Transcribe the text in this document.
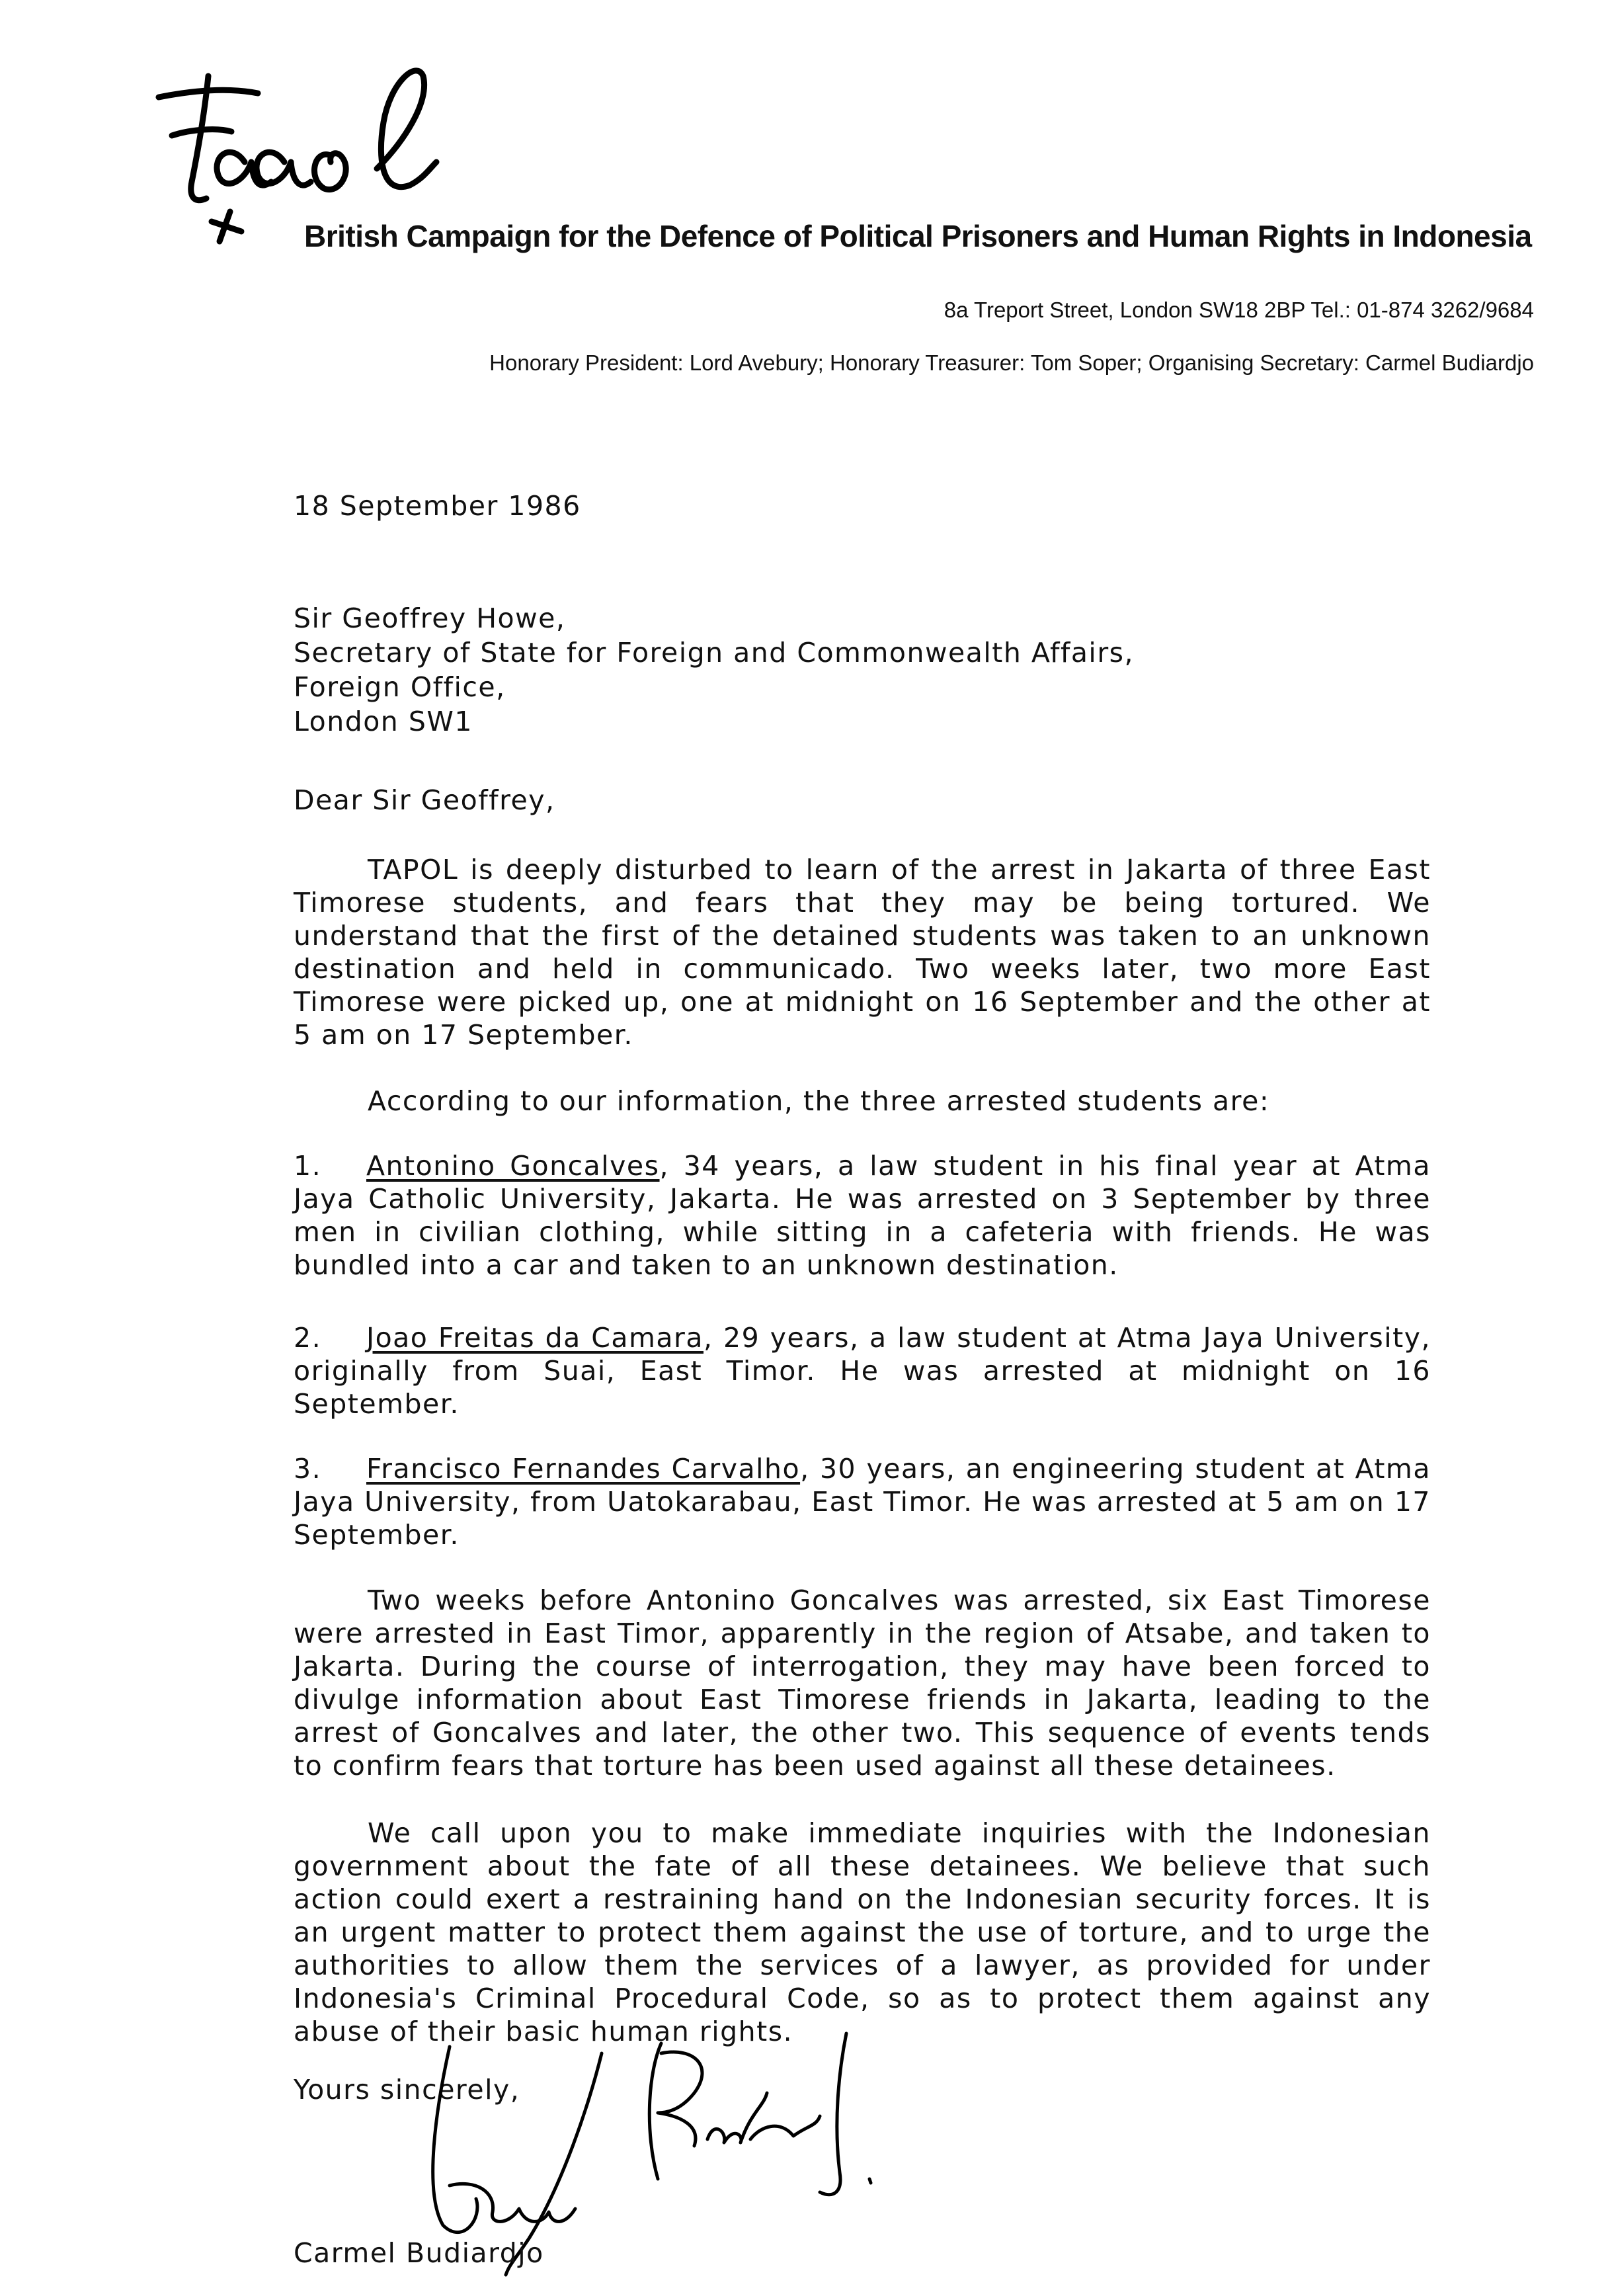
British Campaign for the Defence of Political Prisoners and Human Rights in Indonesia
8a Treport Street, London SW18 2BP Tel.: 01-874 3262/9684
Honorary President: Lord Avebury; Honorary Treasurer: Tom Soper; Organising Secretary: Carmel Budiardjo
18 September 1986
Sir Geoffrey Howe,
Secretary of State for Foreign and Commonwealth Affairs,
Foreign Office,
London SW1
Dear Sir Geoffrey,
TAPOL is deeply disturbed to learn of the arrest in Jakarta of three East Timorese students, and fears that they may be being tortured. We understand that the first of the detained students was taken to an unknown destination and held in communicado. Two weeks later, two more East Timorese were picked up, one at midnight on 16 September and the other at 5 am on 17 September.
According to our information, the three arrested students are:
1. Antonino Goncalves, 34 years, a law student in his final year at Atma Jaya Catholic University, Jakarta. He was arrested on 3 September by three men in civilian clothing, while sitting in a cafeteria with friends. He was bundled into a car and taken to an unknown destination.
2. Joao Freitas da Camara, 29 years, a law student at Atma Jaya University, originally from Suai, East Timor. He was arrested at midnight on 16 September.
3. Francisco Fernandes Carvalho, 30 years, an engineering student at Atma Jaya University, from Uatokarabau, East Timor. He was arrested at 5 am on 17 September.
Two weeks before Antonino Goncalves was arrested, six East Timorese were arrested in East Timor, apparently in the region of Atsabe, and taken to Jakarta. During the course of interrogation, they may have been forced to divulge information about East Timorese friends in Jakarta, leading to the arrest of Goncalves and later, the other two. This sequence of events tends to confirm fears that torture has been used against all these detainees.
We call upon you to make immediate inquiries with the Indonesian government about the fate of all these detainees. We believe that such action could exert a restraining hand on the Indonesian security forces. It is an urgent matter to protect them against the use of torture, and to urge the authorities to allow them the services of a lawyer, as provided for under Indonesia's Criminal Procedural Code, so as to protect them against any abuse of their basic human rights.
Yours sincerely,
Carmel Budiardjo
